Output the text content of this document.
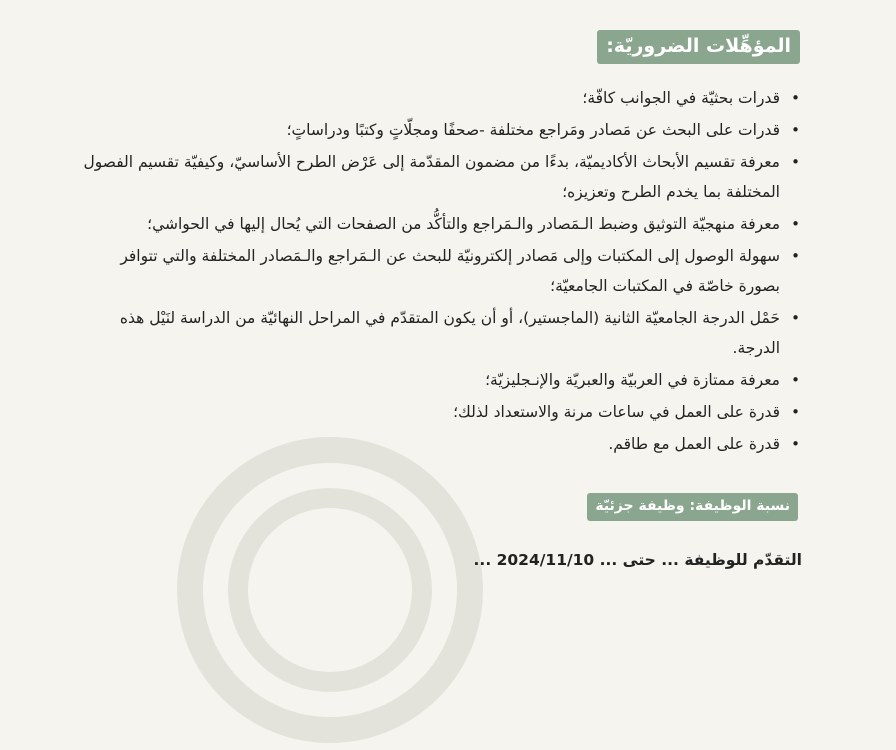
المؤهِّلات الضروريّة:
•
قدرات بحثيّة في الجوانب كافّة؛
•
قدرات على البحث عن مَصادر ومَراجع مختلفة -صحفًا ومجلّاتٍ وكتبًا ودراساتٍ؛
•
معرفة تقسيم الأبحاث الأكاديميّة، بدءًا من مضمون المقدّمة إلى عَرْض الطرح الأساسيّ، وكيفيّة تقسيم الفصول المختلفة بما يخدم الطرح وتعزيزه؛
•
معرفة منهجيّة التوثيق وضبط الـمَصادر والـمَراجع والتأكُّد من الصفحات التي يُحال إليها في الحواشي؛
•
سهولة الوصول إلى المكتبات وإلى مَصادر إلكترونيّة للبحث عن الـمَراجع والـمَصادر المختلفة والتي تتوافر بصورة خاصّة في المكتبات الجامعيّة؛
•
حَمْل الدرجة الجامعيّة الثانية (الماجستير)، أو أن يكون المتقدّم في المراحل النهائيّة من الدراسة لنَيْل هذه الدرجة.
•
معرفة ممتازة في العربيّة والعبريّة والإنـجليزيّة؛
•
قدرة على العمل في ساعات مرنة والاستعداد لذلك؛
•
قدرة على العمل مع طاقم.
نسبة الوظيفة: وظيفة جزئيّة
التقدّم للوظيفة ... حتى ... 2024/11/10 ...
